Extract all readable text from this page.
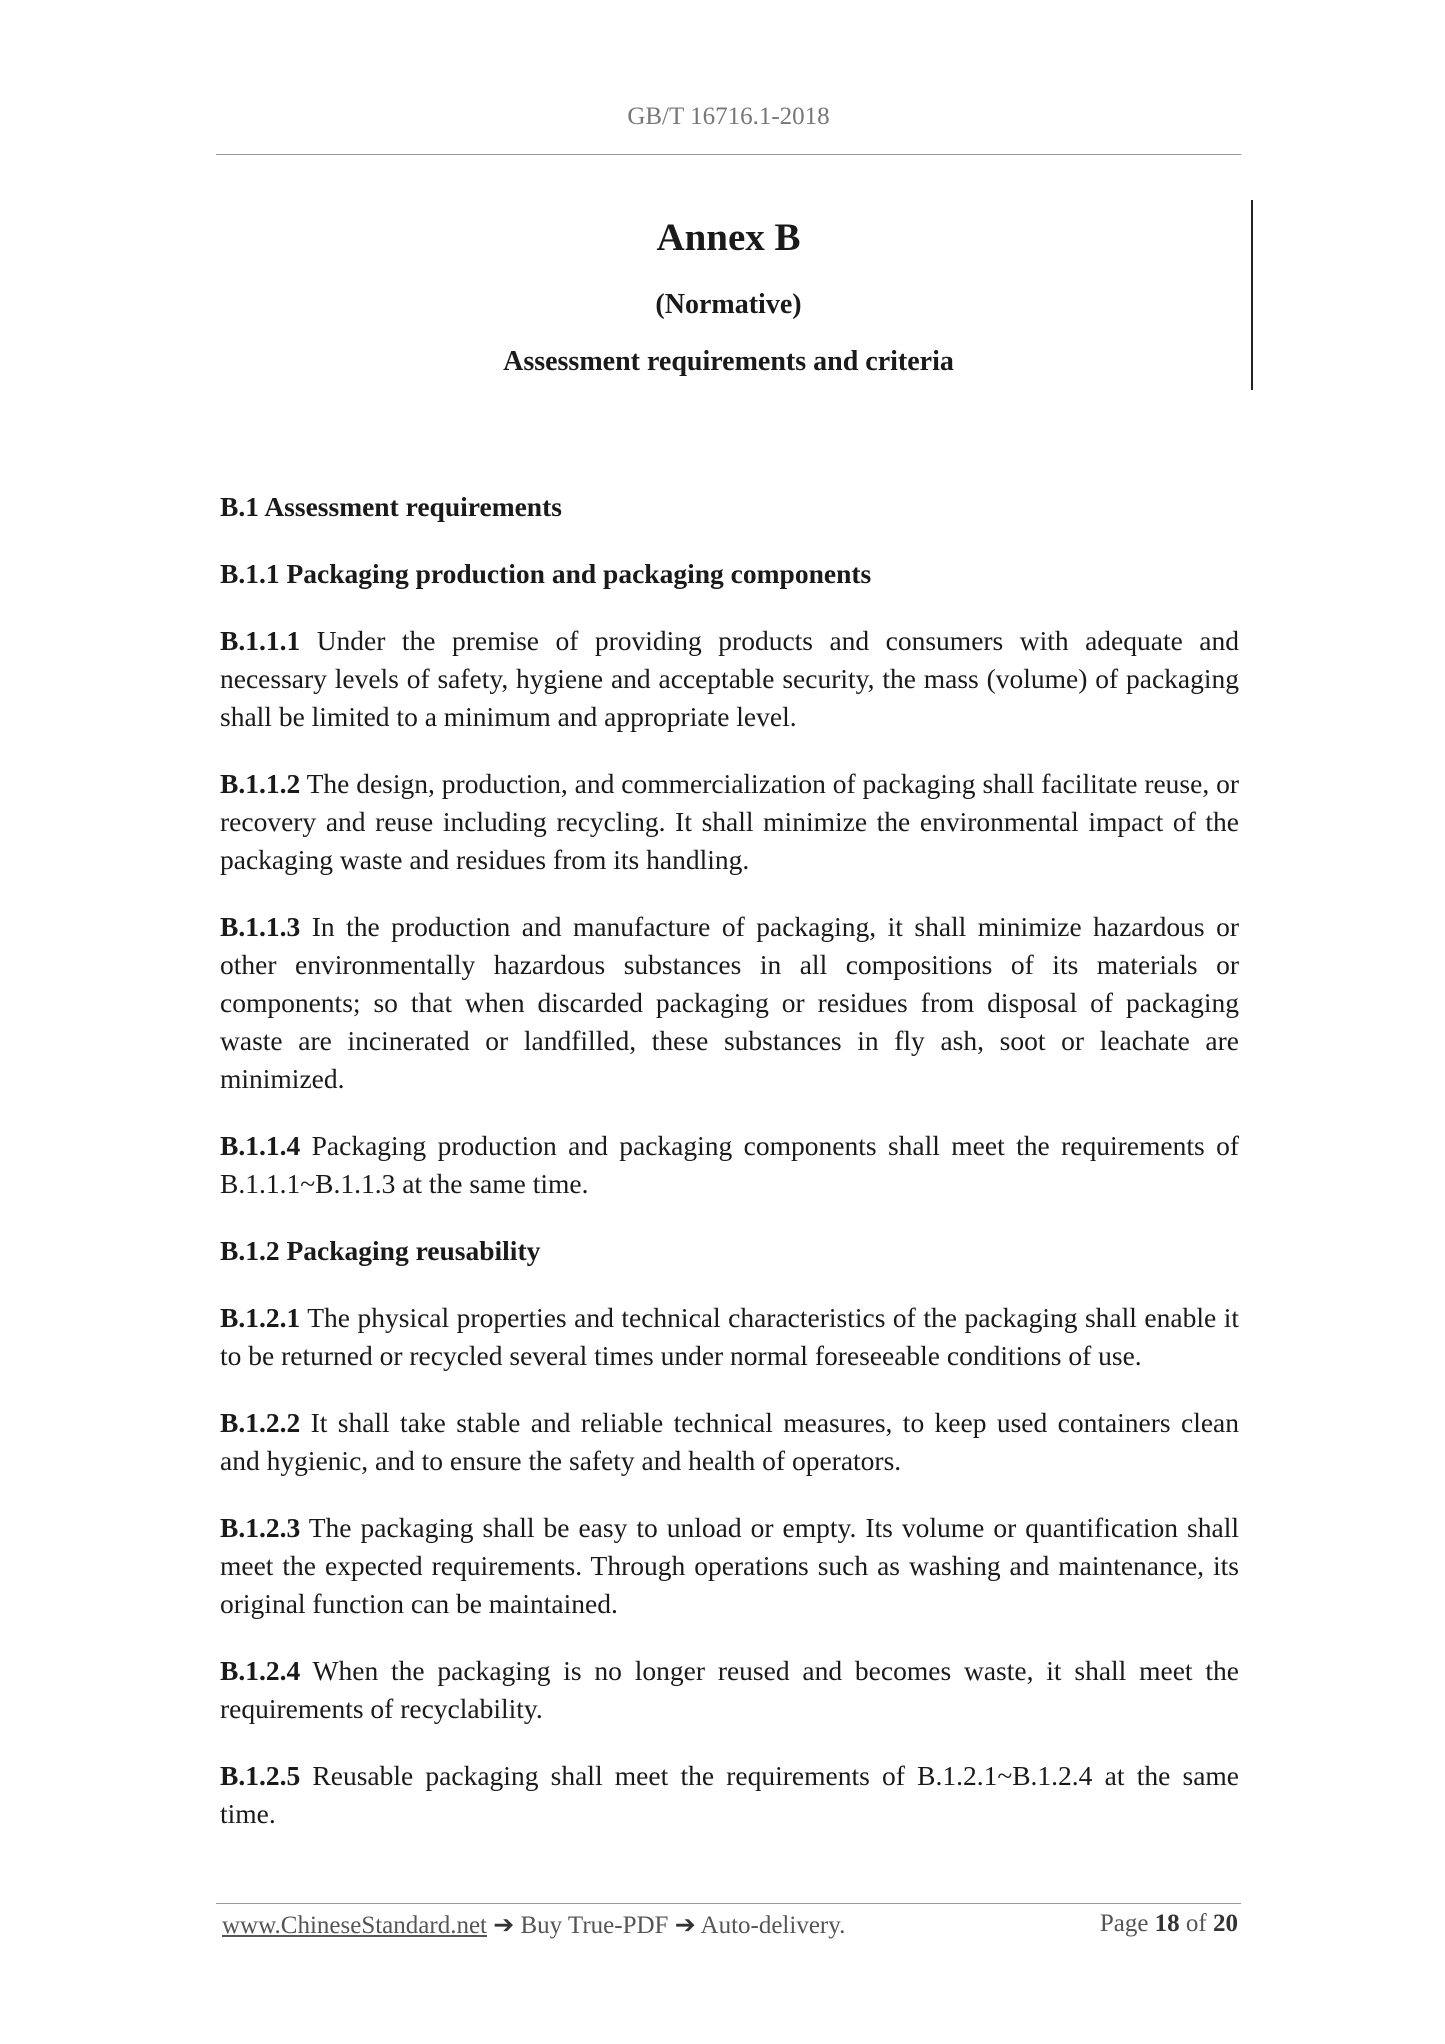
GB/T 16716.1-2018
Annex B
(Normative)
Assessment requirements and criteria
B.1 Assessment requirements
B.1.1 Packaging production and packaging components

B.1.1.1 Under the premise of providing products and consumers with adequate and necessary levels of safety, hygiene and acceptable security, the mass (volume) of packaging shall be limited to a minimum and appropriate level.

B.1.1.2 The design, production, and commercialization of packaging shall facilitate reuse, or recovery and reuse including recycling. It shall minimize the environmental impact of the packaging waste and residues from its handling.

B.1.1.3 In the production and manufacture of packaging, it shall minimize hazardous or other environmentally hazardous substances in all compositions of its materials or components; so that when discarded packaging or residues from disposal of packaging waste are incinerated or landfilled, these substances in fly ash, soot or leachate are minimized.

B.1.1.4 Packaging production and packaging components shall meet the requirements of B.1.1.1~B.1.1.3 at the same time.

B.1.2 Packaging reusability

B.1.2.1 The physical properties and technical characteristics of the packaging shall enable it to be returned or recycled several times under normal foreseeable conditions of use.

B.1.2.2 It shall take stable and reliable technical measures, to keep used containers clean and hygienic, and to ensure the safety and health of operators.

B.1.2.3 The packaging shall be easy to unload or empty. Its volume or quantification shall meet the expected requirements. Through operations such as washing and maintenance, its original function can be maintained.

B.1.2.4 When the packaging is no longer reused and becomes waste, it shall meet the requirements of recyclability.

B.1.2.5 Reusable packaging shall meet the requirements of B.1.2.1~B.1.2.4 at the same time.

www.ChineseStandard.net ➔ Buy True-PDF ➔ Auto-delivery.	Page 18 of 20
